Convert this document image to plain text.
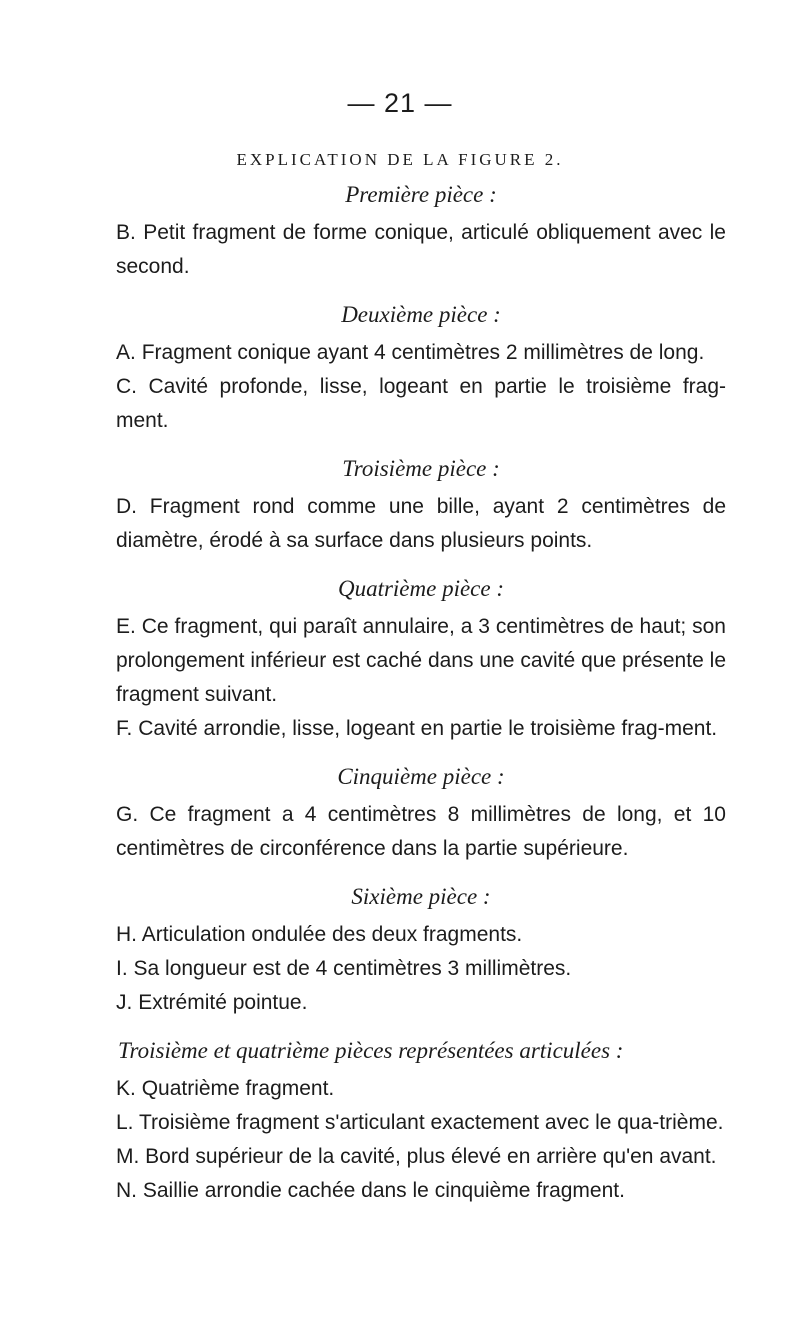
— 21 —
EXPLICATION DE LA FIGURE 2.

Première pièce :

B. Petit fragment de forme conique, articulé obliquement avec le second.

Deuxième pièce :

A. Fragment conique ayant 4 centimètres 2 millimètres de long.

C. Cavité profonde, lisse, logeant en partie le troisième frag-ment.

Troisième pièce :

D. Fragment rond comme une bille, ayant 2 centimètres de diamètre, érodé à sa surface dans plusieurs points.

Quatrième pièce :

E. Ce fragment, qui paraît annulaire, a 3 centimètres de haut; son prolongement inférieur est caché dans une cavité que présente le fragment suivant.

F. Cavité arrondie, lisse, logeant en partie le troisième frag-ment.

Cinquième pièce :

G. Ce fragment a 4 centimètres 8 millimètres de long, et 10 centimètres de circonférence dans la partie supérieure.

Sixième pièce :

H. Articulation ondulée des deux fragments.

I. Sa longueur est de 4 centimètres 3 millimètres.

J. Extrémité pointue.

Troisième et quatrième pièces représentées articulées :

K. Quatrième fragment.

L. Troisième fragment s'articulant exactement avec le qua-trième.

M. Bord supérieur de la cavité, plus élevé en arrière qu'en avant.

N. Saillie arrondie cachée dans le cinquième fragment.
